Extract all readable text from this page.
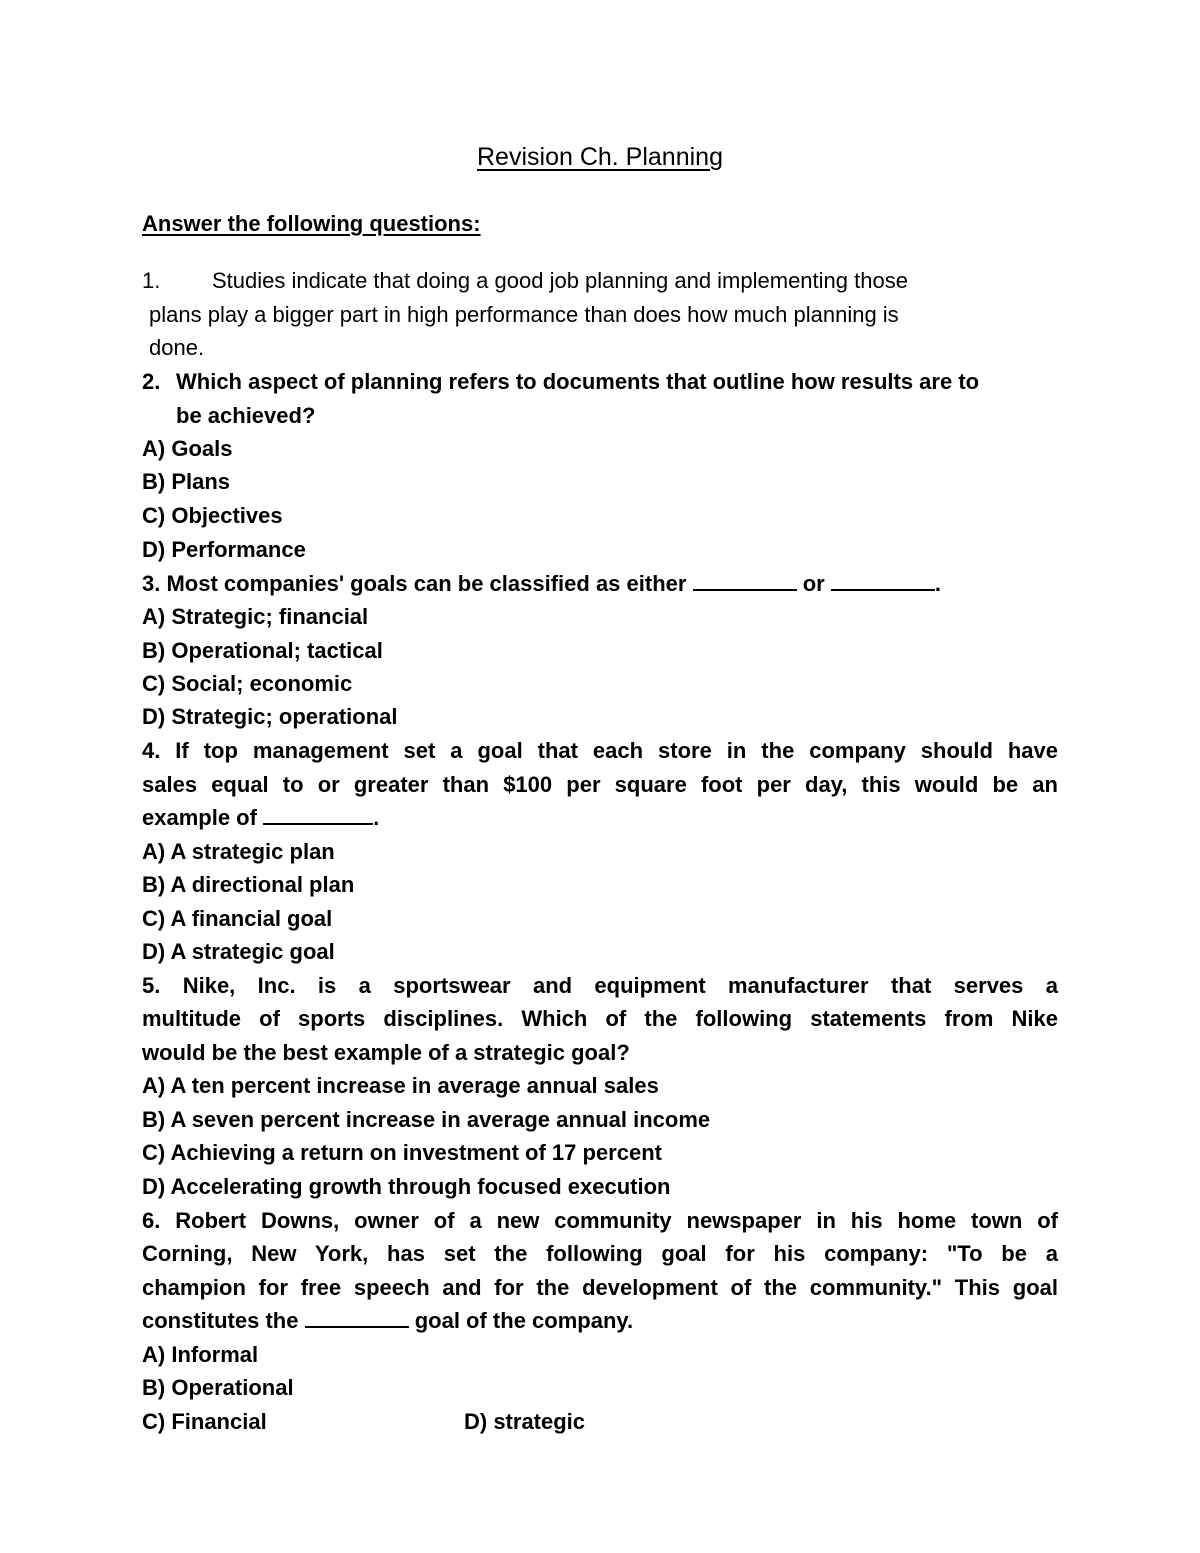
Revision Ch. Planning
Answer the following questions:
1. Studies indicate that doing a good job planning and implementing those
plans play a bigger part in high performance than does how much planning is
done.
2. Which aspect of planning refers to documents that outline how results are to
be achieved?
A) Goals
B) Plans
C) Objectives
D) Performance
3. Most companies' goals can be classified as either	or	.
A) Strategic; financial
B) Operational; tactical
C) Social; economic
D) Strategic; operational
4. If top management set a goal that each store in the company should have
sales equal to or greater than $100 per square foot per day, this would be an
example of	.
A) A strategic plan
B) A directional plan
C) A financial goal
D) A strategic goal
5. Nike, Inc. is a sportswear and equipment manufacturer that serves a
multitude of sports disciplines. Which of the following statements from Nike
would be the best example of a strategic goal?
A) A ten percent increase in average annual sales
B) A seven percent increase in average annual income
C) Achieving a return on investment of 17 percent
D) Accelerating growth through focused execution
6. Robert Downs, owner of a new community newspaper in his home town of
Corning, New York, has set the following goal for his company: "To be a
champion for free speech and for the development of the community." This goal
constitutes the	goal of the company.
A) Informal
B) Operational
C) Financial	D) strategic
